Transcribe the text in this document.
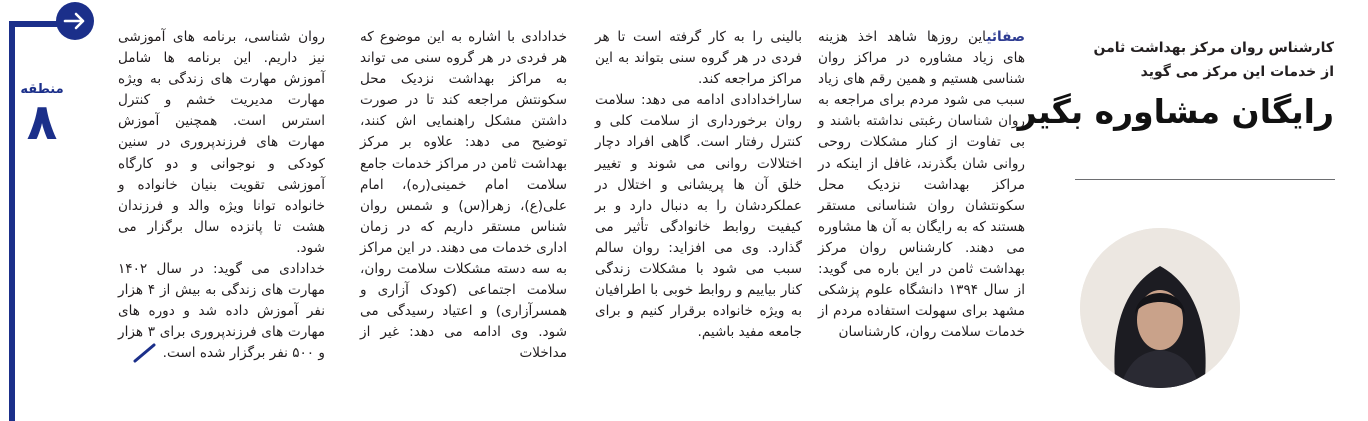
منطقه
۸
کارشناس روان مرکز بهداشت ثامن
از خدمات این مرکز می گوید
رایگان مشاوره بگیر

صفائیاین روزها شاهد اخذ هزینه های زیاد مشاوره در مراکز روان شناسی هستیم و همین رقم های زیاد سبب می شود مردم برای مراجعه به روان شناسان رغبتی نداشته باشند و بی تفاوت از کنار مشکلات روحی روانی شان بگذرند، غافل از اینکه در مراکز بهداشت نزدیک محل سکونتشان روان شناسانی مستقر هستند که به رایگان به آن ها مشاوره می دهند. کارشناس روان مرکز بهداشت ثامن در این باره می گوید: از سال ۱۳۹۴ دانشگاه علوم پزشکی مشهد برای سهولت استفاده مردم از خدمات سلامت روان، کارشناسان

بالینی را به کار گرفته است تا هر فردی در هر گروه سنی بتواند به این مراکز مراجعه کند.
ساراخدادادی ادامه می دهد: سلامت روان برخورداری از سلامت کلی و کنترل رفتار است. گاهی افراد دچار اختلالات روانی می شوند و تغییر خلق آن ها پریشانی و اختلال در عملکردشان را به دنبال دارد و بر کیفیت روابط خانوادگی تأثیر می گذارد. وی می افزاید: روان سالم سبب می شود با مشکلات زندگی کنار بیاییم و روابط خوبی با اطرافیان به ویژه خانواده برقرار کنیم و برای جامعه مفید باشیم.

خدادادی با اشاره به این موضوع که هر فردی در هر گروه سنی می تواند به مراکز بهداشت نزدیک محل سکونتش مراجعه کند تا در صورت داشتن مشکل راهنمایی اش کنند، توضیح می دهد: علاوه بر مرکز بهداشت ثامن در مراکز خدمات جامع سلامت امام خمینی(ره)، امام علی(ع)، زهرا(س) و شمس روان شناس مستقر داریم که در زمان اداری خدمات می دهند. در این مراکز به سه دسته مشکلات سلامت روان، سلامت اجتماعی (کودک آزاری و همسرآزاری) و اعتیاد رسیدگی می شود. وی ادامه می دهد: غیر از مداخلات

روان شناسی، برنامه های آموزشی نیز داریم. این برنامه ها شامل آموزش مهارت های زندگی به ویژه مهارت مدیریت خشم و کنترل استرس است. همچنین آموزش مهارت های فرزندپروری در سنین کودکی و نوجوانی و دو کارگاه آموزشی تقویت بنیان خانواده و خانواده توانا ویژه والد و فرزندان هشت تا پانزده سال برگزار می شود.
خدادادی می گوید: در سال ۱۴۰۲ مهارت های زندگی به بیش از ۴ هزار نفر آموزش داده شد و دوره های مهارت های فرزندپروری برای ۳ هزار و ۵۰۰ نفر برگزار شده است.
